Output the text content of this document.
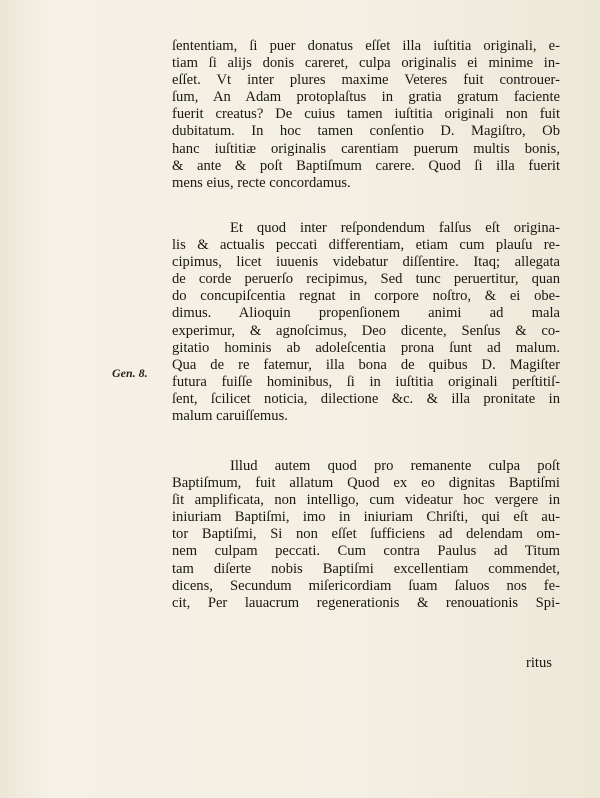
Gen. 8.
ſententiam, ſi puer donatus eſſet illa iuſtitia originali, e-
tiam ſi alijs donis careret, culpa originalis ei minime in-
eſſet. Vt inter plures maxime Veteres fuit controuer-
ſum, An Adam protoplaſtus in gratia gratum faciente
fuerit creatus? De cuius tamen iuſtitia originali non fuit
dubitatum. In hoc tamen conſentio D. Magiſtro, Ob
hanc iuſtitiæ originalis carentiam puerum multis bonis,
& ante & poſt Baptiſmum carere. Quod ſi illa fuerit
mens eius, recte concordamus.
Et quod inter reſpondendum falſus eſt origina-
lis & actualis peccati differentiam, etiam cum plauſu re-
cipimus, licet iuuenis videbatur diſſentire. Itaq; allegata
de corde peruerſo recipimus, Sed tunc peruertitur, quan
do concupiſcentia regnat in corpore noſtro, & ei obe-
dimus. Alioquin propenſionem animi ad mala
experimur, & agnoſcimus, Deo dicente, Senſus & co-
gitatio hominis ab adoleſcentia prona ſunt ad malum.
Qua de re fatemur, illa bona de quibus D. Magiſter
futura fuiſſe hominibus, ſi in iuſtitia originali perſtitiſ-
ſent, ſcilicet noticia, dilectione &c. & illa pronitate in
malum caruiſſemus.
Illud autem quod pro remanente culpa poſt
Baptiſmum, fuit allatum Quod ex eo dignitas Baptiſmi
ſit amplificata, non intelligo, cum videatur hoc vergere in
iniuriam Baptiſmi, imo in iniuriam Chriſti, qui eſt au-
tor Baptiſmi, Si non eſſet ſufficiens ad delendam om-
nem culpam peccati. Cum contra Paulus ad Titum
tam diſerte nobis Baptiſmi excellentiam commendet,
dicens, Secundum miſericordiam ſuam ſaluos nos fe-
cit, Per lauacrum regenerationis & renouationis Spi-
ritus
